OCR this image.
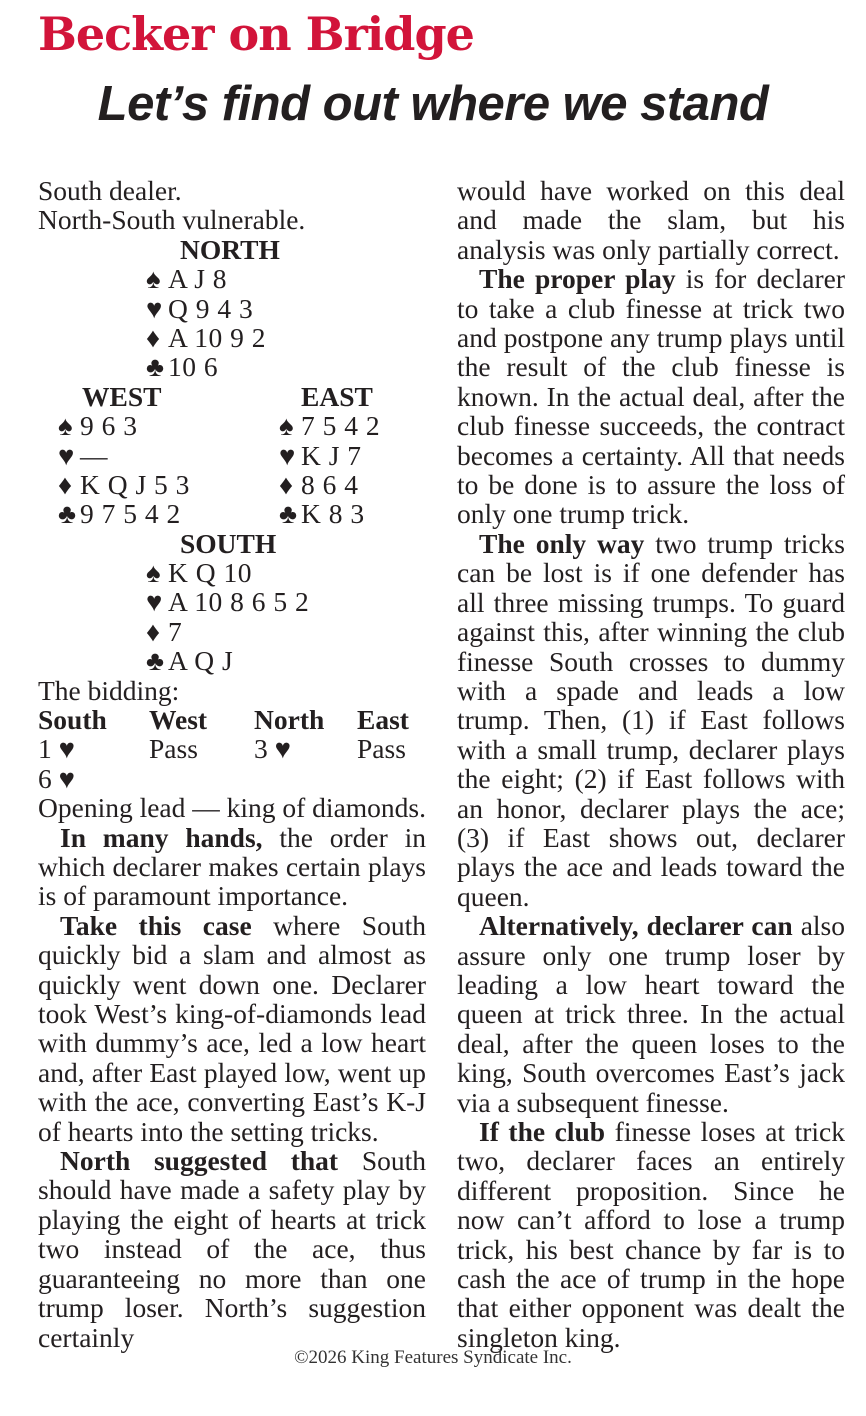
Becker on Bridge
Let’s find out where we stand
South dealer.
North-South vulnerable.
NORTH
♠ A J 8
♥ Q 9 4 3
♦ A 10 9 2
♣ 10 6
WEST
♠ 9 6 3
♥ —
♦ K Q J 5 3
♣ 9 7 5 4 2
EAST
♠ 7 5 4 2
♥ K J 7
♦ 8 6 4
♣ K 8 3
SOUTH
♠ K Q 10
♥ A 10 8 6 5 2
♦ 7
♣ A Q J
The bidding:
South	West	North	East
1 ♥	Pass	3 ♥	Pass
6 ♥
Opening lead — king of diamonds.
In many hands, the order in which declarer makes certain plays is of paramount importance.
Take this case where South quickly bid a slam and almost as quickly went down one. Declarer took West’s king-of-diamonds lead with dummy’s ace, led a low heart and, after East played low, went up with the ace, converting East’s K-J of hearts into the setting tricks.
North suggested that South should have made a safety play by playing the eight of hearts at trick two instead of the ace, thus guaranteeing no more than one trump loser. North’s suggestion certainly
would have worked on this deal and made the slam, but his analysis was only partially correct.
The proper play is for declarer to take a club finesse at trick two and postpone any trump plays until the result of the club finesse is known. In the actual deal, after the club finesse succeeds, the contract becomes a certainty. All that needs to be done is to assure the loss of only one trump trick.
The only way two trump tricks can be lost is if one defender has all three missing trumps. To guard against this, after winning the club finesse South crosses to dummy with a spade and leads a low trump. Then, (1) if East follows with a small trump, declarer plays the eight; (2) if East follows with an honor, declarer plays the ace; (3) if East shows out, declarer plays the ace and leads toward the queen.
Alternatively, declarer can also assure only one trump loser by leading a low heart toward the queen at trick three. In the actual deal, after the queen loses to the king, South overcomes East’s jack via a subsequent finesse.
If the club finesse loses at trick two, declarer faces an entirely different proposition. Since he now can’t afford to lose a trump trick, his best chance by far is to cash the ace of trump in the hope that either opponent was dealt the singleton king.
©2026 King Features Syndicate Inc.
